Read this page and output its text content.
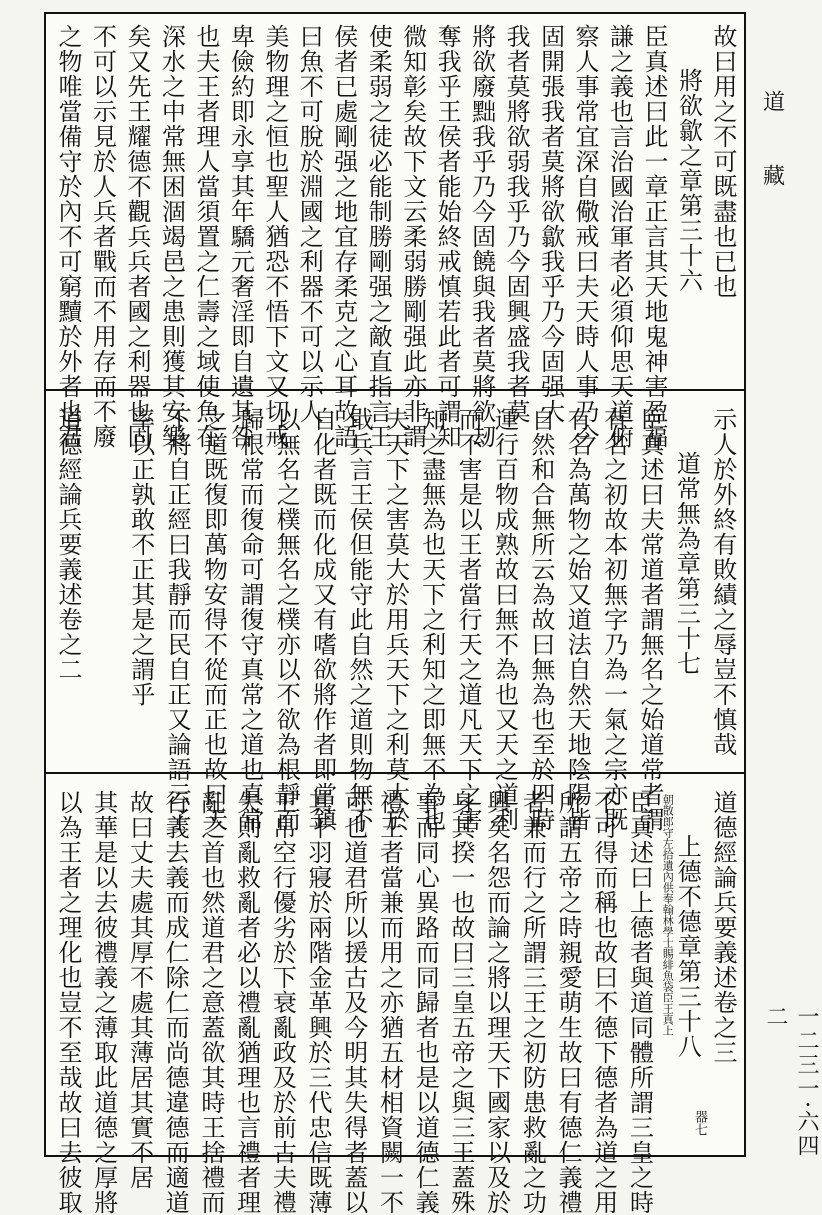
故曰用之不可既盡也已也
將欲歙之章第三十六
臣真述曰此一章正言其天地鬼神害盈福
謙之義也言治國治軍者必須仰思天道俯
察人事常宜深自儆戒曰夫天時人事乃今
固開張我者莫將欲歙我乎乃今固强大
我者莫將欲弱我乎乃今固興盛我者莫
將欲廢黜我乎乃今固饒與我者莫將欲刼
奪我乎王侯者能始終戒慎若此者可謂知
微知彰矣故下文云柔弱勝剛强此亦非謂
使柔弱之徒必能制勝剛强之敵直指言王
侯者已處剛强之地宜存柔克之心耳故語
曰魚不可脫於淵國之利器不可以示人
美物理之恒也聖人猶恐不悟下文又切戒
卑儉約即永享其年驕元奢淫即自遺其咎
也夫王者理人當須置之仁壽之域使魚在
深水之中常無困涸竭邑之患則獲其安樂
矣又先王耀德不觀兵兵者國之利器也固
不可以示見於人兵者戰而不用存而不廢
之物唯當備守於內不可窮黷於外者也君
示人於外終有敗績之辱豈不慎哉
道常無為章第三十七
臣真述曰夫常道者謂無名之始道常者謂
有名之初故本初無字乃為一氣之宗亦既
有名為萬物之始又道法自然天地陰陽皆
自然和合無所云為故曰無為也至於四時
運行百物成熟故曰無不為也又天之道利
而不害是以王者當行天之道凡天下之害
知之盡無為也天下之利知之即無不為也
夫天下之害莫大於用兵天下之利莫大於
戢兵言王侯但能守此自然之道則物無不
自化者既而化成又有嗜欲將作者即當鎮
以無名之樸無名之樸亦以不欲為根靜而
歸根常而復命可謂復守真常之道也真常
之道既復即萬物安得不從而正也故曰天
下將自正經曰我靜而民自正又論語云子
率以正孰敢不正其是之謂乎
道德經論兵要義述卷之二
道德經論兵要義述卷之三
上德不德章第三十八
朝散郎守左拾遺內供奉翰林學士賜緋魚袋臣王真上
臣真述曰上德者與道同體所謂三皇之時
不可得而稱也故曰不德下德者為道之用
所謂五帝之時親愛萌生故曰有德仁義禮
者兼而行之所謂三王之初防患救亂之功
興矣名怨而論之將以理天下國家以及於
身其揆一也故曰三皇五帝之與三王蓋殊
事而同心異路而同歸者也是以道德仁義
禮王者當兼而用之亦猶五材相資闕一不
可也道君所以援古及今明其失得者蓋以
其干羽寢於兩階金革興於三代忠信既薄
王帛空行優劣於下衰亂政及於前古夫禮
失則亂救亂者必以禮亂猶理也言禮者理
亂之首也然道君之意蓋欲其時王捨禮而
行義去義而成仁除仁而尚德違德而適道
故曰丈夫處其厚不處其薄居其實不居
其華是以去彼禮義之薄取此道德之厚將
以為王者之理化也豈不至哉故曰去彼取	器七
道
藏
一二三一·六四二
